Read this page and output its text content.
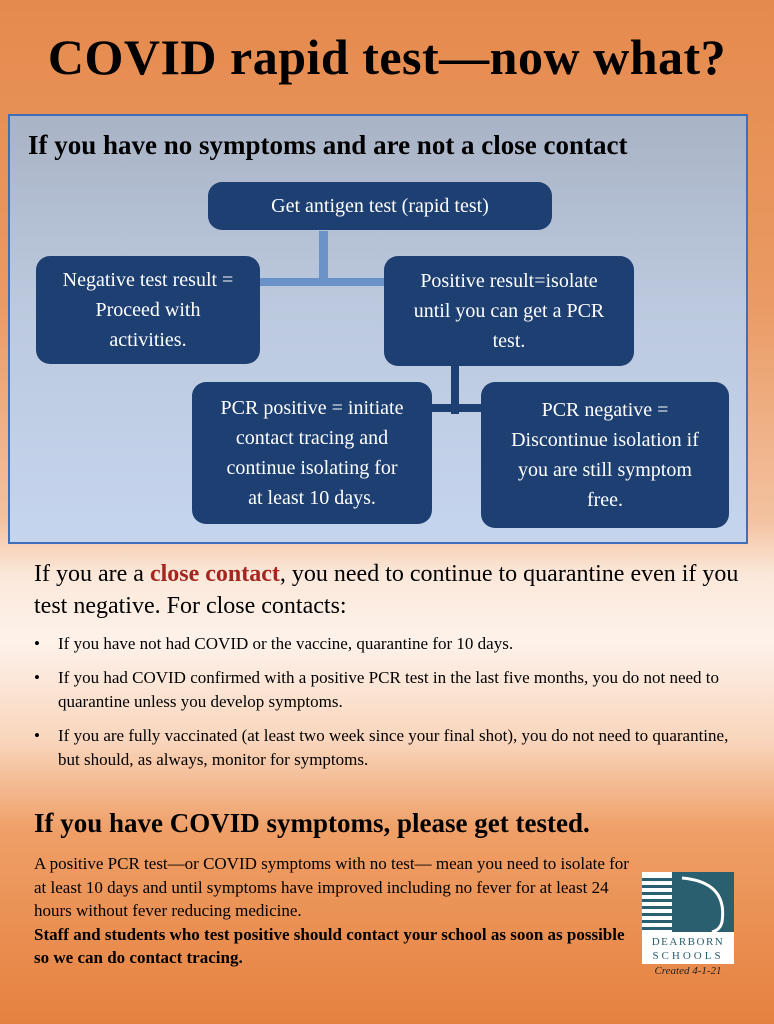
COVID rapid test—now what?
If you have no symptoms and are not a close contact
Get antigen test (rapid test)
Negative test result =
Proceed with
activities.
Positive result=isolate
until you can get a PCR
test.
PCR positive = initiate
contact tracing and
continue isolating for
at least 10 days.
PCR negative =
Discontinue isolation if
you are still symptom
free.

If you are a close contact, you need to continue to quarantine even if you test negative. For close contacts:

• If you have not had COVID or the vaccine, quarantine for 10 days.
• If you had COVID confirmed with a positive PCR test in the last five months, you do not need to quarantine unless you develop symptoms.
• If you are fully vaccinated (at least two week since your final shot), you do not need to quarantine, but should, as always, monitor for symptoms.
If you have COVID symptoms, please get tested.

A positive PCR test—or COVID symptoms with no test— mean you need to isolate for at least 10 days and until symptoms have improved including no fever for at least 24 hours without fever reducing medicine.

Staff and students who test positive should contact your school as soon as possible so we can do contact tracing.

DEARBORN
SCHOOLS
Created 4-1-21
